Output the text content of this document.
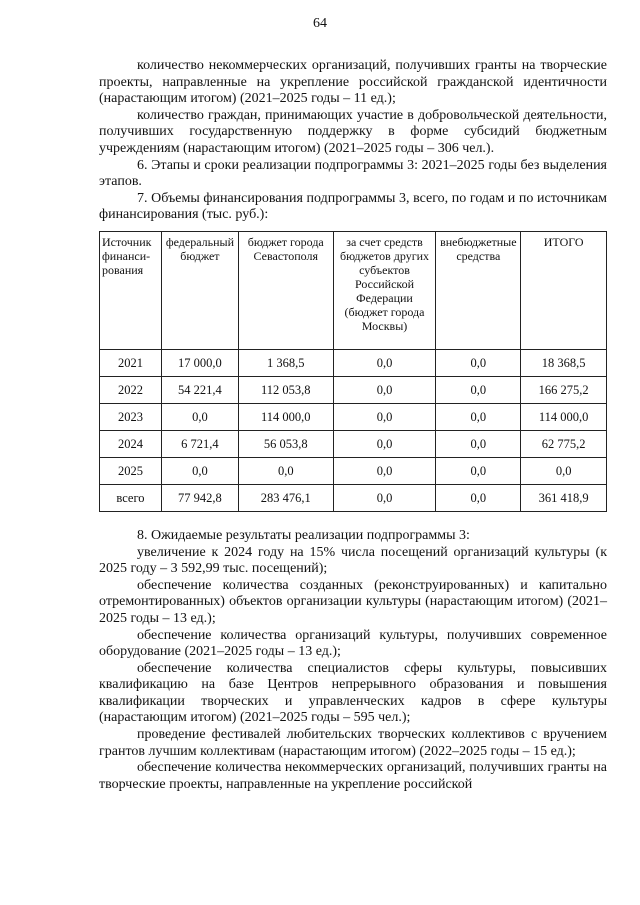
64

количество некоммерческих организаций, получивших гранты на творческие проекты, направленные на укрепление российской гражданской идентичности (нарастающим итогом) (2021–2025 годы – 11 ед.);

количество граждан, принимающих участие в добровольческой деятельности, получивших государственную поддержку в форме субсидий бюджетным учреждениям (нарастающим итогом) (2021–2025 годы – 306 чел.).

6. Этапы и сроки реализации подпрограммы 3: 2021–2025 годы без выделения этапов.

7. Объемы финансирования подпрограммы 3, всего, по годам и по источникам финансирования (тыс. руб.):

Источник финанси-рования	федеральный бюджет	бюджет города Севастополя	за счет средств бюджетов других субъектов Российской Федерации (бюджет города Москвы)	внебюджетные средства	ИТОГО
2021	17 000,0	1 368,5	0,0	0,0	18 368,5
2022	54 221,4	112 053,8	0,0	0,0	166 275,2
2023	0,0	114 000,0	0,0	0,0	114 000,0
2024	6 721,4	56 053,8	0,0	0,0	62 775,2
2025	0,0	0,0	0,0	0,0	0,0
всего	77 942,8	283 476,1	0,0	0,0	361 418,9

8. Ожидаемые результаты реализации подпрограммы 3:

увеличение к 2024 году на 15% числа посещений организаций культуры (к 2025 году – 3 592,99 тыс. посещений);

обеспечение количества созданных (реконструированных) и капитально отремонтированных) объектов организации культуры (нарастающим итогом) (2021–2025 годы – 13 ед.);

обеспечение количества организаций культуры, получивших современное оборудование (2021–2025 годы – 13 ед.);

обеспечение количества специалистов сферы культуры, повысивших квалификацию на базе Центров непрерывного образования и повышения квалификации творческих и управленческих кадров в сфере культуры (нарастающим итогом) (2021–2025 годы – 595 чел.);

проведение фестивалей любительских творческих коллективов с вручением грантов лучшим коллективам (нарастающим итогом) (2022–2025 годы – 15 ед.);

обеспечение количества некоммерческих организаций, получивших гранты на творческие проекты, направленные на укрепление российской
